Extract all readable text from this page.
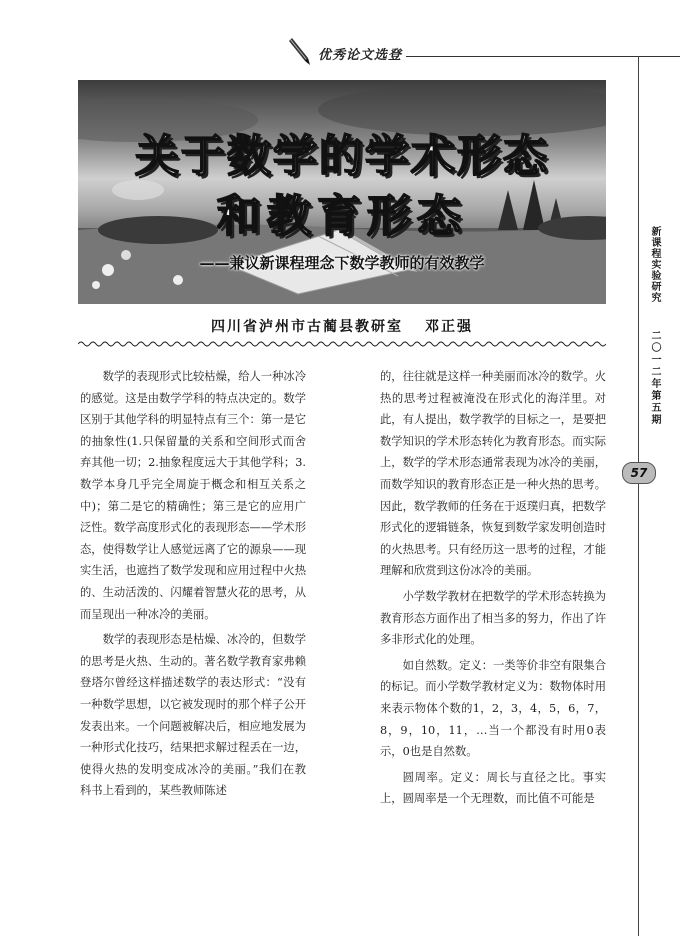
优秀论文选登
关于数学的学术形态
和教育形态
——兼议新课程理念下数学教师的有效教学
四川省泸州市古蔺县教研室 邓正强

数学的表现形式比较枯燥，给人一种冰冷的感觉。这是由数学学科的特点决定的。数学区别于其他学科的明显特点有三个：第一是它的抽象性(1.只保留量的关系和空间形式而舍弃其他一切；2.抽象程度远大于其他学科；3.数学本身几乎完全周旋于概念和相互关系之中)；第二是它的精确性；第三是它的应用广泛性。数学高度形式化的表现形态——学术形态，使得数学让人感觉远离了它的源泉——现实生活，也遮挡了数学发现和应用过程中火热的、生动活泼的、闪耀着智慧火花的思考，从而呈现出一种冰冷的美丽。

数学的表现形态是枯燥、冰冷的，但数学的思考是火热、生动的。著名数学教育家弗赖登塔尔曾经这样描述数学的表达形式：“没有一种数学思想，以它被发现时的那个样子公开发表出来。一个问题被解决后，相应地发展为一种形式化技巧，结果把求解过程丢在一边，使得火热的发明变成冰冷的美丽。”我们在教科书上看到的，某些教师陈述

的，往往就是这样一种美丽而冰冷的数学。火热的思考过程被淹没在形式化的海洋里。对此，有人提出，数学教学的目标之一，是要把数学知识的学术形态转化为教育形态。而实际上，数学的学术形态通常表现为冰冷的美丽，而数学知识的教育形态正是一种火热的思考。因此，数学教师的任务在于返璞归真，把数学形式化的逻辑链条，恢复到数学家发明创造时的火热思考。只有经历这一思考的过程，才能理解和欣赏到这份冰冷的美丽。

小学数学教材在把数学的学术形态转换为教育形态方面作出了相当多的努力，作出了许多非形式化的处理。

如自然数。定义：一类等价非空有限集合的标记。而小学数学教材定义为：数物体时用来表示物体个数的1，2，3，4，5，6，7，8，9，10，11，…当一个都没有时用0表示，0也是自然数。

圆周率。定义：周长与直径之比。事实上，圆周率是一个无理数，而比值不可能是

新课程实验研究
二〇一二年第五期
57
